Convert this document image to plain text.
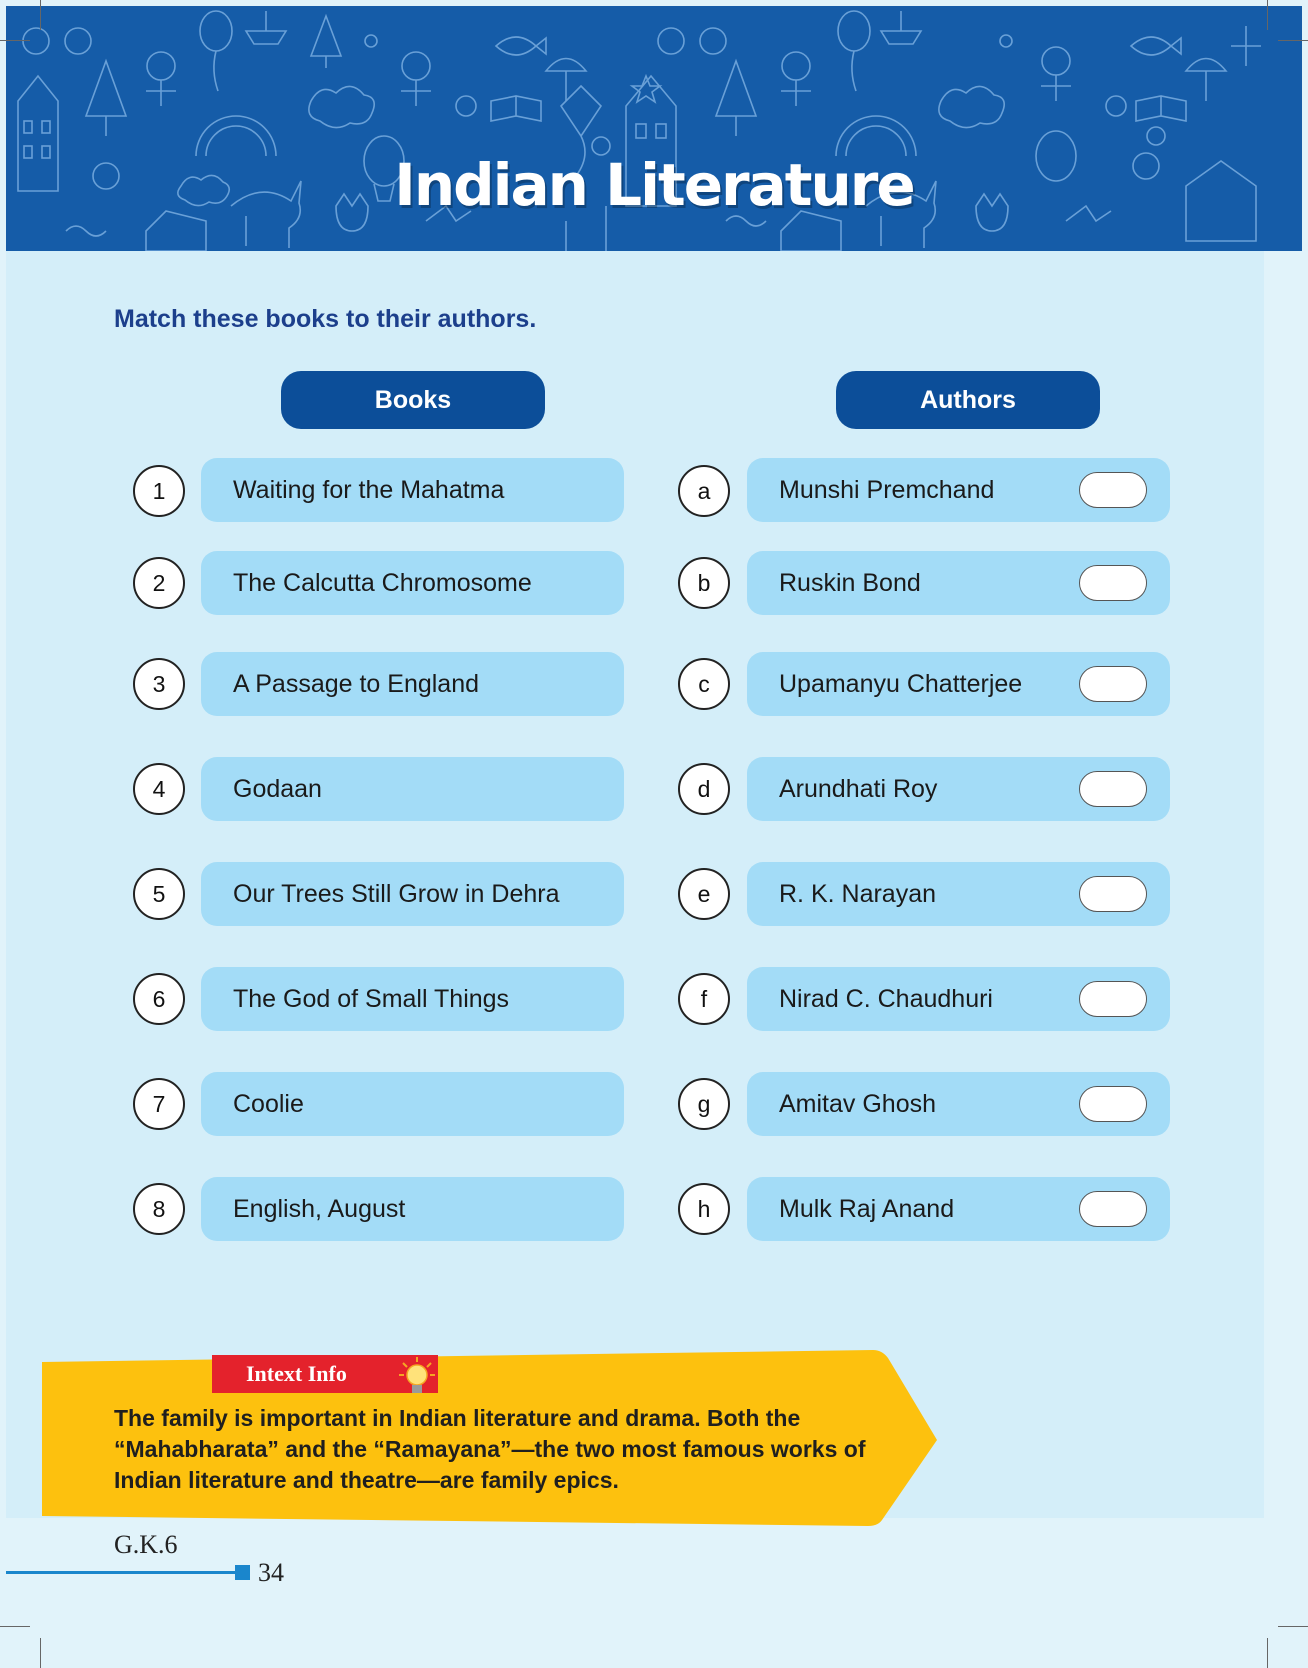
Indian Literature
Match these books to their authors.
Books	Authors
1	Waiting for the Mahatma
2	The Calcutta Chromosome
3	A Passage to England
4	Godaan
5	Our Trees Still Grow in Dehra
6	The God of Small Things
7	Coolie
8	English, August
a	Munshi Premchand
b	Ruskin Bond
c	Upamanyu Chatterjee
d	Arundhati Roy
e	R. K. Narayan
f	Nirad C. Chaudhuri
g	Amitav Ghosh
h	Mulk Raj Anand
Intext Info
The family is important in Indian literature and drama. Both the “Mahabharata” and the “Ramayana”—the two most famous works of Indian literature and theatre—are family epics.
G.K.6
34
